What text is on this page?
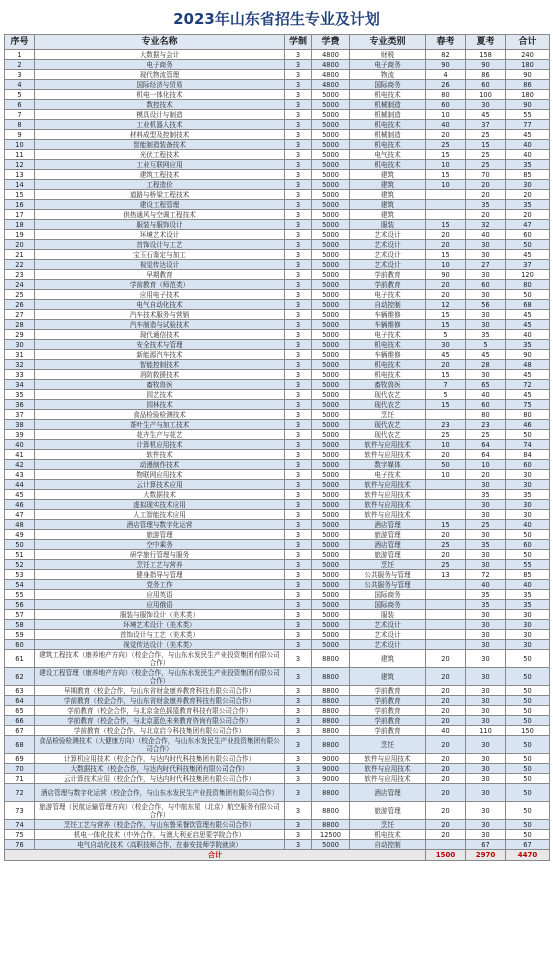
2023年山东省招生专业及计划
序号	专业名称	学制	学费	专业类别	春考	夏考	合计
1	大数据与会计	3	4800	财税	82	158	240
2	电子商务	3	4800	电子商务	90	90	180
3	现代物流管理	3	4800	物流	4	86	90
4	国际经济与贸易	3	4800	国际商务	26	60	86
5	机电一体化技术	3	5000	机电技术	80	100	180
6	数控技术	3	5000	机械制造	60	30	90
7	模具设计与制造	3	5000	机械制造	10	45	55
8	工业机器人技术	3	5000	机电技术	40	37	77
9	材料成型及控制技术	3	5000	机械制造	20	25	45
10	智能制造装备技术	3	5000	机电技术	25	15	40
11	光伏工程技术	3	5000	电气技术	15	25	40
12	工业互联网应用	3	5000	机电技术	10	25	35
13	建筑工程技术	3	5000	建筑	15	70	85
14	工程造价	3	5000	建筑	10	20	30
15	道路与桥梁工程技术	3	5000	建筑		20	20
16	建设工程管理	3	5000	建筑		35	35
17	供热通风与空调工程技术	3	5000	建筑		20	20
18	服装与服饰设计	3	5000	服装	15	32	47
19	环境艺术设计	3	5000	艺术设计	20	40	60
20	首饰设计与工艺	3	5000	艺术设计	20	30	50
21	宝玉石鉴定与加工	3	5000	艺术设计	15	30	45
22	视觉传达设计	3	5000	艺术设计	10	27	37
23	早期教育	3	5000	学前教育	90	30	120
24	学前教育（师范类）	3	5000	学前教育	20	60	80
25	应用电子技术	3	5000	电子技术	20	30	50
26	电气自动化技术	3	5000	自动控制	12	56	68
27	汽车技术服务与营销	3	5000	车辆维修	15	30	45
28	汽车制造与试验技术	3	5000	车辆维修	15	30	45
29	现代通信技术	3	5000	电子技术	5	35	40
30	安全技术与管理	3	5000	机电技术	30	5	35
31	新能源汽车技术	3	5000	车辆维修	45	45	90
32	智能控制技术	3	5000	机电技术	20	28	48
33	消防救援技术	3	5000	机电技术	15	30	45
34	畜牧兽医	3	5000	畜牧兽医	7	65	72
35	园艺技术	3	5000	现代农艺	5	40	45
36	园林技术	3	5000	现代农艺	15	60	75
37	食品检验检测技术	3	5000	烹饪		80	80
38	茶叶生产与加工技术	3	5000	现代农艺	23	23	46
39	花卉生产与花艺	3	5000	现代农艺	25	25	50
40	计算机应用技术	3	5000	软件与应用技术	10	64	74
41	软件技术	3	5000	软件与应用技术	20	64	84
42	动漫制作技术	3	5000	数字媒体	50	10	60
43	物联网应用技术	3	5000	电子技术	10	20	30
44	云计算技术应用	3	5000	软件与应用技术		30	30
45	大数据技术	3	5000	软件与应用技术		35	35
46	虚拟现实技术应用	3	5000	软件与应用技术		30	30
47	人工智能技术应用	3	5000	软件与应用技术		30	30
48	酒店管理与数字化运营	3	5000	酒店管理	15	25	40
49	旅游管理	3	5000	旅游管理	20	30	50
50	空中乘务	3	5000	酒店管理	25	35	60
51	研学旅行管理与服务	3	5000	旅游管理	20	30	50
52	烹饪工艺与营养	3	5000	烹饪	25	30	55
53	健身指导与管理	3	5000	公共服务与管理	13	72	85
54	党务工作	3	5000	公共服务与管理		40	40
55	应用英语	3	5000	国际商务		35	35
56	应用俄语	3	5000	国际商务		35	35
57	服装与服饰设计（美术类）	3	5000	服装		30	30
58	环境艺术设计（美术类）	3	5000	艺术设计		30	30
59	首饰设计与工艺（美术类）	3	5000	艺术设计		30	30
60	视觉传达设计（美术类）	3	5000	艺术设计		30	30
61	建筑工程技术（康养地产方向）（校企合作，与山东水发民生产业投资集团有限公司合作）	3	8800	建筑	20	30	50
62	建设工程管理（康养地产方向）（校企合作，与山东水发民生产业投资集团有限公司合作）	3	8800	建筑	20	30	50
63	早期教育（校企合作，与山东省财金康养教育科技有限公司合作）	3	8800	学前教育	20	30	50
64	学前教育（校企合作，与山东省财金康养教育科技有限公司合作）	3	8800	学前教育	20	30	50
65	学前教育（校企合作，与北京金色摇篮教育科技有限公司合作）	3	8800	学前教育	20	30	50
66	学前教育（校企合作，与北京蓝色未来教育咨询有限公司合作）	3	8800	学前教育	20	30	50
67	学前教育（校企合作，与北京启今科技集团有限公司合作）	3	8800	学前教育	40	110	150
68	食品检验检测技术（大健康方向）（校企合作，与山东水发民生产业投资集团有限公司合作）	3	8800	烹饪	20	30	50
69	计算机应用技术（校企合作，与达内时代科技集团有限公司合作）	3	9000	软件与应用技术	20	30	50
70	大数据技术（校企合作，与达内时代科技集团有限公司合作）	3	9000	软件与应用技术	20	30	50
71	云计算技术应用（校企合作，与达内时代科技集团有限公司合作）	3	9000	软件与应用技术	20	30	50
72	酒店管理与数字化运营（校企合作，与山东水发民生产业投资集团有限公司合作）	3	8800	酒店管理	20	30	50
73	旅游管理（民航运输管理方向）（校企合作，与中航东星（北京）航空服务有限公司合作）	3	8800	旅游管理	20	30	50
74	烹饪工艺与营养（校企合作，与山东鲁采餐饮管理有限公司合作）	3	8800	烹饪	20	30	50
75	机电一体化技术（中外合作，与澳大利亚启思蒙学院合作）	3	12500	机电技术	20	30	50
76	电气自动化技术（高职技师合作，在泰安技师学院就读）	3	5000	自动控制		67	67
合计					1500	2970	4470
